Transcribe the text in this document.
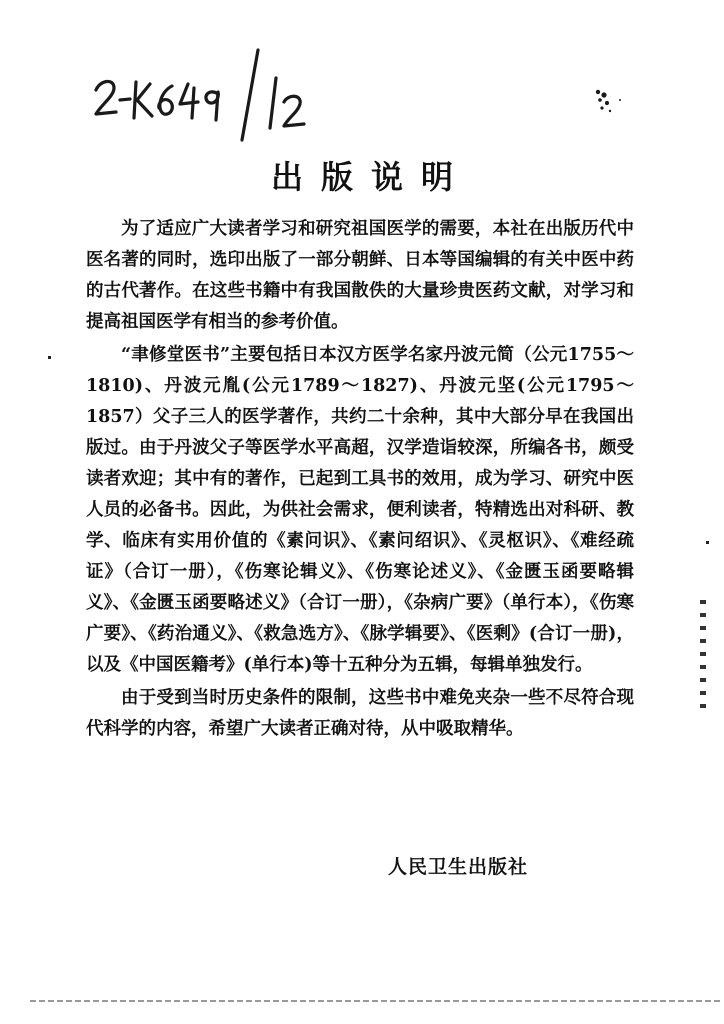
出版说明

为了适应广大读者学习和研究祖国医学的需要，本社在出版历代中医名著的同时，选印出版了一部分朝鲜、日本等国编辑的有关中医中药的古代著作。在这些书籍中有我国散佚的大量珍贵医药文献，对学习和提高祖国医学有相当的参考价值。

“聿修堂医书”主要包括日本汉方医学名家丹波元简（公元1755～1810)、丹波元胤(公元1789～1827)、丹波元坚(公元1795～1857）父子三人的医学著作，共约二十余种，其中大部分早在我国出版过。由于丹波父子等医学水平高超，汉学造诣较深，所编各书，颇受读者欢迎；其中有的著作，已起到工具书的效用，成为学习、研究中医人员的必备书。因此，为供社会需求，便利读者，特精选出对科研、教学、临床有实用价值的《素问识》、《素问绍识》、《灵枢识》、《难经疏证》（合订一册），《伤寒论辑义》、《伤寒论述义》、《金匮玉函要略辑义》、《金匮玉函要略述义》（合订一册），《杂病广要》（单行本），《伤寒广要》、《药治通义》、《救急选方》、《脉学辑要》、《医剩》(合订一册)，以及《中国医籍考》(单行本)等十五种分为五辑，每辑单独发行。

由于受到当时历史条件的限制，这些书中难免夹杂一些不尽符合现代科学的内容，希望广大读者正确对待，从中吸取精华。

人民卫生出版社
